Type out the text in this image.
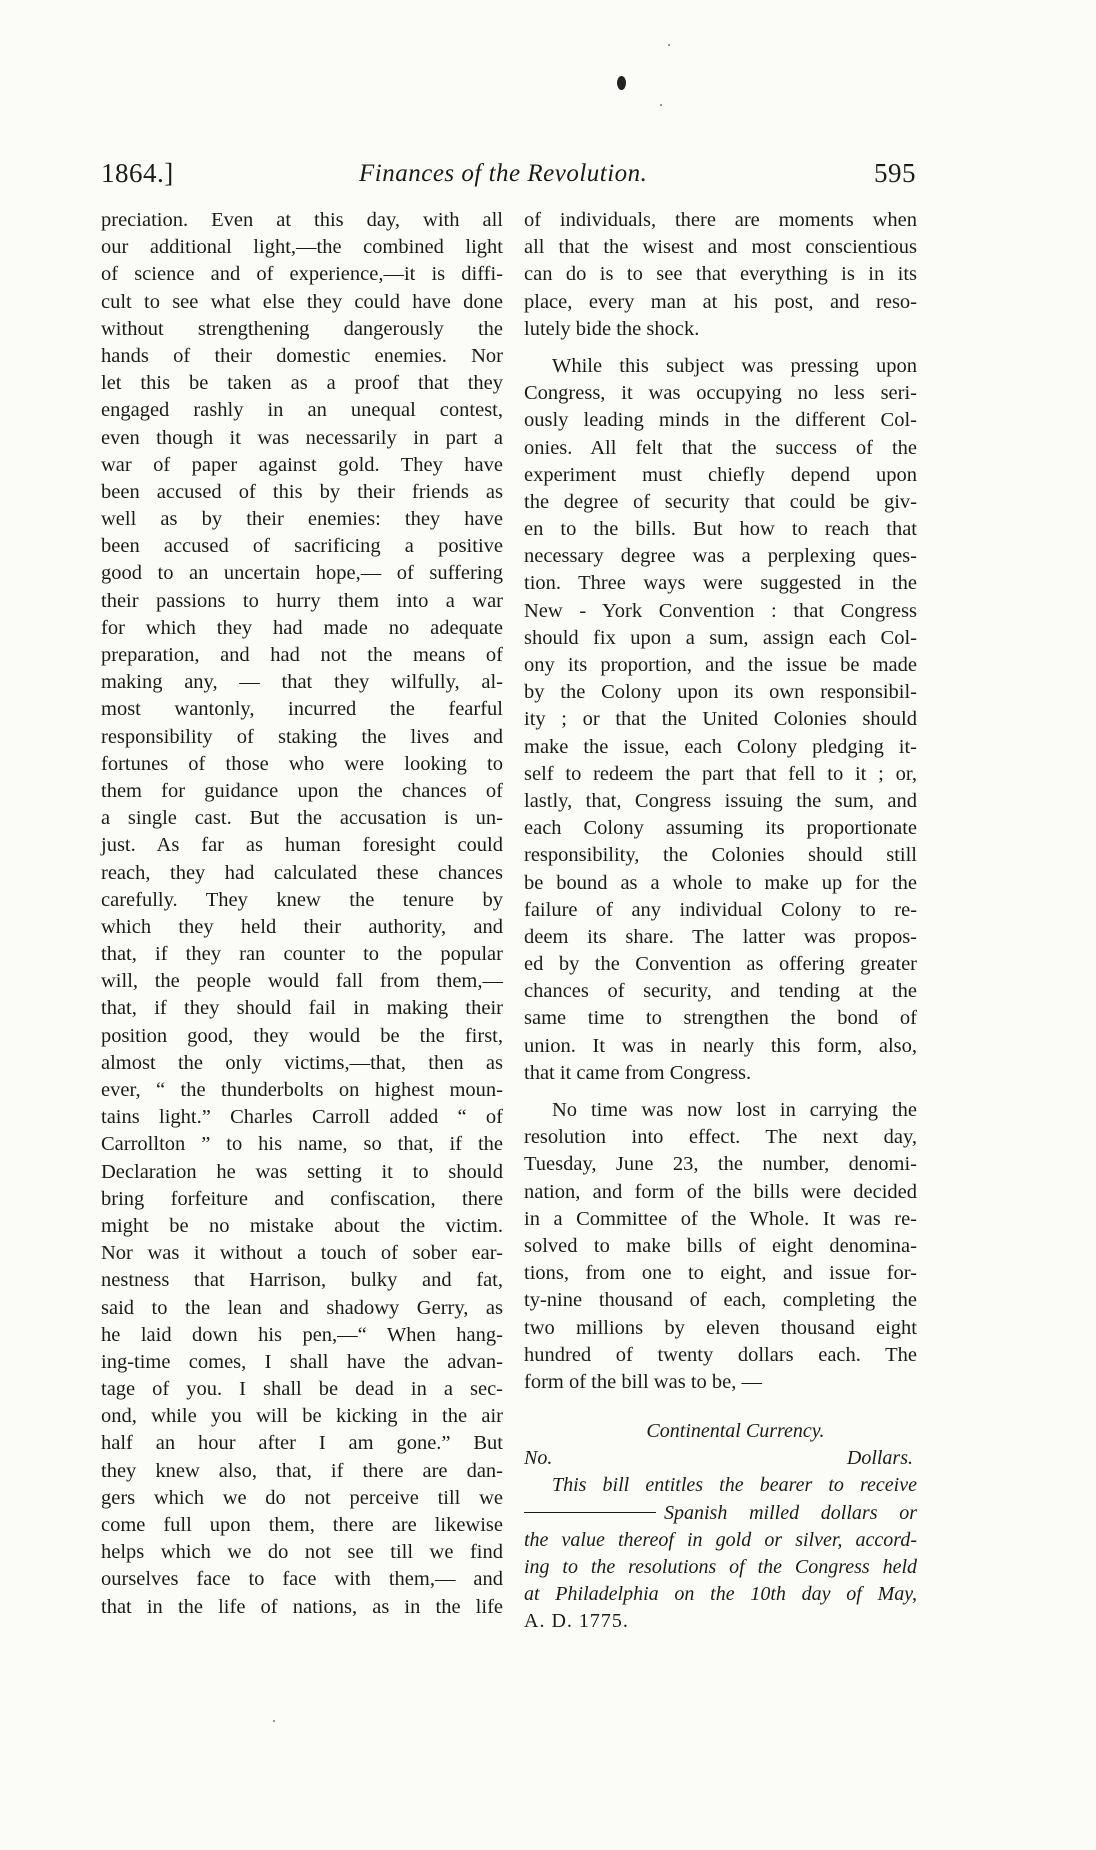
1864.]	Finances of the Revolution.	595
preciation. Even at this day, with all
our additional light,—the combined light
of science and of experience,—it is diffi-
cult to see what else they could have done
without strengthening dangerously the
hands of their domestic enemies. Nor
let this be taken as a proof that they
engaged rashly in an unequal contest,
even though it was necessarily in part a
war of paper against gold. They have
been accused of this by their friends as
well as by their enemies: they have
been accused of sacrificing a positive
good to an uncertain hope,— of suffering
their passions to hurry them into a war
for which they had made no adequate
preparation, and had not the means of
making any, — that they wilfully, al-
most wantonly, incurred the fearful
responsibility of staking the lives and
fortunes of those who were looking to
them for guidance upon the chances of
a single cast. But the accusation is un-
just. As far as human foresight could
reach, they had calculated these chances
carefully. They knew the tenure by
which they held their authority, and
that, if they ran counter to the popular
will, the people would fall from them,—
that, if they should fail in making their
position good, they would be the first,
almost the only victims,—that, then as
ever, “ the thunderbolts on highest moun-
tains light.” Charles Carroll added “ of
Carrollton ” to his name, so that, if the
Declaration he was setting it to should
bring forfeiture and confiscation, there
might be no mistake about the victim.
Nor was it without a touch of sober ear-
nestness that Harrison, bulky and fat,
said to the lean and shadowy Gerry, as
he laid down his pen,—“ When hang-
ing-time comes, I shall have the advan-
tage of you. I shall be dead in a sec-
ond, while you will be kicking in the air
half an hour after I am gone.” But
they knew also, that, if there are dan-
gers which we do not perceive till we
come full upon them, there are likewise
helps which we do not see till we find
ourselves face to face with them,— and
that in the life of nations, as in the life
of individuals, there are moments when
all that the wisest and most conscientious
can do is to see that everything is in its
place, every man at his post, and reso-
lutely bide the shock.
While this subject was pressing upon
Congress, it was occupying no less seri-
ously leading minds in the different Col-
onies. All felt that the success of the
experiment must chiefly depend upon
the degree of security that could be giv-
en to the bills. But how to reach that
necessary degree was a perplexing ques-
tion. Three ways were suggested in the
New - York Convention : that Congress
should fix upon a sum, assign each Col-
ony its proportion, and the issue be made
by the Colony upon its own responsibil-
ity ; or that the United Colonies should
make the issue, each Colony pledging it-
self to redeem the part that fell to it ; or,
lastly, that, Congress issuing the sum, and
each Colony assuming its proportionate
responsibility, the Colonies should still
be bound as a whole to make up for the
failure of any individual Colony to re-
deem its share. The latter was propos-
ed by the Convention as offering greater
chances of security, and tending at the
same time to strengthen the bond of
union. It was in nearly this form, also,
that it came from Congress.
No time was now lost in carrying the
resolution into effect. The next day,
Tuesday, June 23, the number, denomi-
nation, and form of the bills were decided
in a Committee of the Whole. It was re-
solved to make bills of eight denomina-
tions, from one to eight, and issue for-
ty-nine thousand of each, completing the
two millions by eleven thousand eight
hundred of twenty dollars each. The
form of the bill was to be, —
Continental Currency.
No.	Dollars.
This bill entitles the bearer to receive
Spanish milled dollars or
the value thereof in gold or silver, accord-
ing to the resolutions of the Congress held
at Philadelphia on the 10th day of May,
A. D. 1775.
